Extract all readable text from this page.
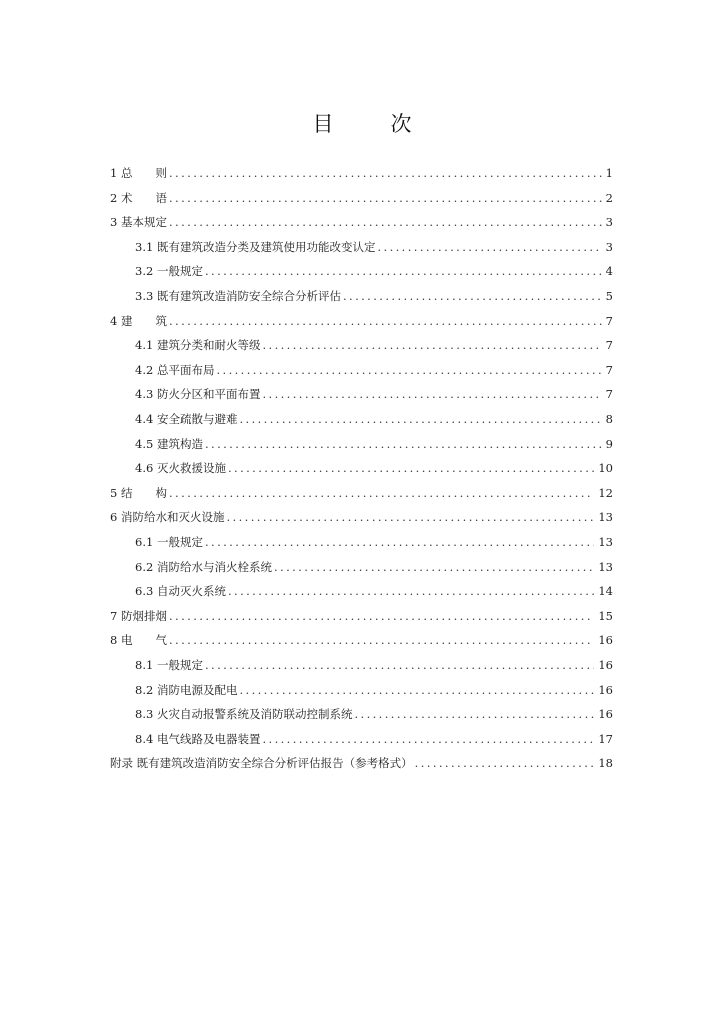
目　次
1 总　　则 .....	1
2 术　　语 .....	2
3 基本规定 .....	3
3.1 既有建筑改造分类及建筑使用功能改变认定 .....	3
3.2 一般规定 .....	4
3.3 既有建筑改造消防安全综合分析评估 .....	5
4 建　　筑 .....	7
4.1 建筑分类和耐火等级 .....	7
4.2 总平面布局 .....	7
4.3 防火分区和平面布置 .....	7
4.4 安全疏散与避难 .....	8
4.5 建筑构造 .....	9
4.6 灭火救援设施 .....	10
5 结　　构 .....	12
6 消防给水和灭火设施 .....	13
6.1 一般规定 .....	13
6.2 消防给水与消火栓系统 .....	13
6.3 自动灭火系统 .....	14
7 防烟排烟 .....	15
8 电　　气 .....	16
8.1 一般规定 .....	16
8.2 消防电源及配电 .....	16
8.3 火灾自动报警系统及消防联动控制系统 .....	16
8.4 电气线路及电器装置 .....	17
附录 既有建筑改造消防安全综合分析评估报告（参考格式） .....	18
